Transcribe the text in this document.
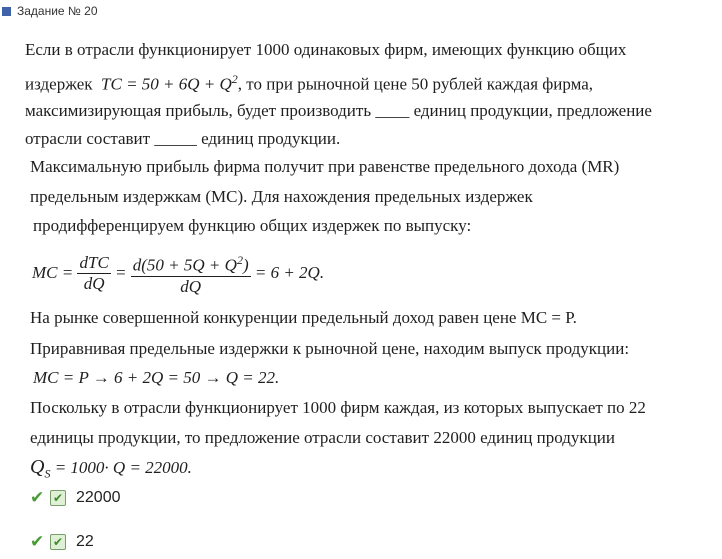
Задание № 20
Если в отрасли функционирует 1000 одинаковых фирм, имеющих функцию общих
издержек TC = $50 + 6Q + Q^2$, то при рыночной цене 50 рублей каждая фирма,
максимизирующая прибыль, будет производить ____ единиц продукции, предложение
отрасли составит _____ единиц продукции.
Максимальную прибыль фирма получит при равенстве предельного дохода (MR)
предельным издержкам (МС). Для нахождения предельных издержек
продифференцируем функцию общих издержек по выпуску:
MC =
$\frac{\text{dTC}}{dQ}$
=
$\frac{d(50 + 5Q + Q^2)}{dQ}$
= 6 + 2Q.
На рынке совершенной конкуренции предельный доход равен цене МС = Р.
Приравнивая предельные издержки к рыночной цене, находим выпуск продукции:
MC = P → 6 + 2Q = 50 → Q = 22.
Поскольку в отрасли функционирует 1000 фирм каждая, из которых выпускает по 22
единицы продукции, то предложение отрасли составит 22000 единиц продукции
$Q_S = 1000\cdot Q = 22000$.
✔ ✔ 22000
✔ ✔ 22
